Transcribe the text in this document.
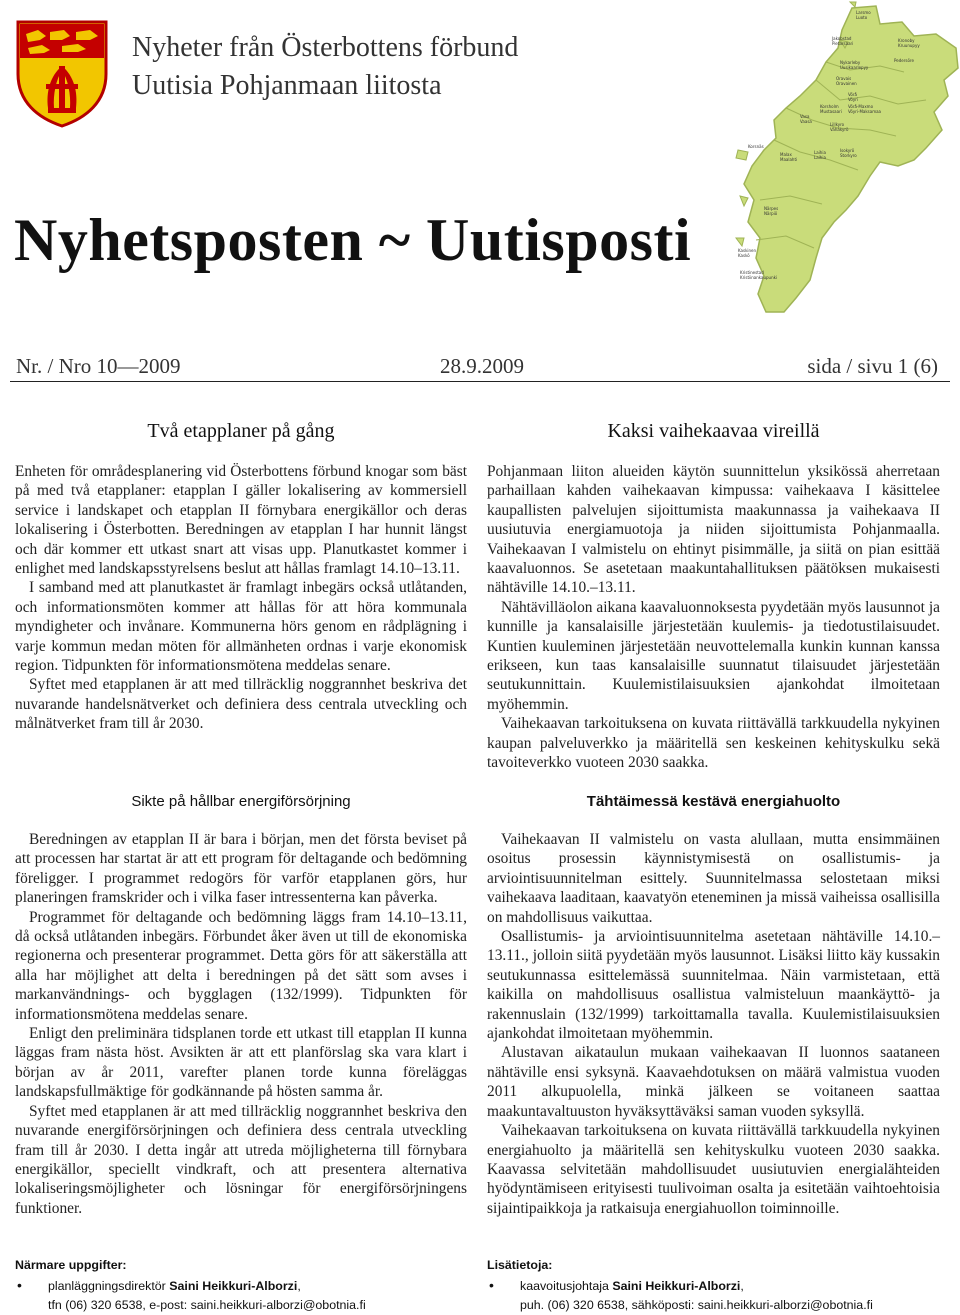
Nyheter från Österbottens förbund
Uutisia Pohjanmaan liitosta
Larsmo
Luoto
Jakobstad
Pietarsaari
Kronoby
Kruunupyy
Pedersöre
Nykarleby
Uusikaarlepyy
Oravais
Oravainen
Vörå
Vöyri
Korsholm
Mustasaari
Vörå-Maxmo
Vöyri-Maksamaa
Vasa
Vaasa
Lillkyro
Vähäkyrö
Korsnäs
Malax
Maalahti
Laihia
Laihia
Isokyrö
Storkyro
Närpes
Närpiö
Kaskinen
Kaskö
Kristinestad
Kristiinankaupunki
Nyhetsposten ~ Uutisposti
Nr. / Nro 10—2009	28.9.2009	sida / sivu 1 (6)
Två etapplaner på gång

Enheten för områdesplanering vid Österbottens förbund knogar som bäst på med två etapplaner: etapplan I gäller lokalisering av kommersiell service i landskapet och etapplan II förnybara energikällor och deras lokalisering i Österbotten. Beredningen av etapplan I har hunnit längst och där kommer ett utkast snart att visas upp. Planutkastet kommer i enlighet med landskapsstyrelsens beslut att hållas framlagt 14.10–13.11.

I samband med att planutkastet är framlagt inbegärs också utlåtanden, och informationsmöten kommer att hållas för att höra kommunala myndigheter och invånare. Kommunerna hörs genom en rådplägning i varje kommun medan möten för allmänheten ordnas i varje ekonomisk region. Tidpunkten för informationsmötena meddelas senare.

Syftet med etapplanen är att med tillräcklig noggrannhet beskriva det nuvarande handelsnätverket och definiera dess centrala utveckling och målnätverket fram till år 2030.

Sikte på hållbar energiförsörjning

Beredningen av etapplan II är bara i början, men det första beviset på att processen har startat är att ett program för deltagande och bedömning föreligger. I programmet redogörs för varför etapplanen görs, hur planeringen framskrider och i vilka faser intressenterna kan påverka.

Programmet för deltagande och bedömning läggs fram 14.10–13.11, då också utlåtanden inbegärs. Förbundet åker även ut till de ekonomiska regionerna och presenterar programmet. Detta görs för att säkerställa att alla har möjlighet att delta i beredningen på det sätt som avses i markanvändnings- och bygglagen (132/1999). Tidpunkten för informationsmötena meddelas senare.

Enligt den preliminära tidsplanen torde ett utkast till etapplan II kunna läggas fram nästa höst. Avsikten är att ett planförslag ska vara klart i början av år 2011, varefter planen torde kunna föreläggas landskapsfullmäktige för godkännande på hösten samma år.

Syftet med etapplanen är att med tillräcklig noggrannhet beskriva den nuvarande energiförsörjningen och definiera dess centrala utveckling fram till år 2030. I detta ingår att utreda möjligheterna till förnybara energikällor, speciellt vindkraft, och att presentera alternativa lokaliseringsmöjligheter och lösningar för energiförsörjningens funktioner.

Närmare uppgifter:
• planläggningsdirektör Saini Heikkuri-Alborzi,
tfn (06) 320 6538, e-post: saini.heikkuri-alborzi@obotnia.fi
Kaksi vaihekaavaa vireillä

Pohjanmaan liiton alueiden käytön suunnittelun yksikössä aherretaan parhaillaan kahden vaihekaavan kimpussa: vaihekaava I käsittelee kaupallisten palvelujen sijoittumista maakunnassa ja vaihekaava II uusiutuvia energiamuotoja ja niiden sijoittumista Pohjanmaalla. Vaihekaavan I valmistelu on ehtinyt pisimmälle, ja siitä on pian esittää kaavaluonnos. Se asetetaan maakuntahallituksen päätöksen mukaisesti nähtäville 14.10.–13.11.

Nähtävilläolon aikana kaavaluonnoksesta pyydetään myös lausunnot ja kunnille ja kansalaisille järjestetään kuulemis- ja tiedotustilaisuudet. Kuntien kuuleminen järjestetään neuvottelemalla kunkin kunnan kanssa erikseen, kun taas kansalaisille suunnatut tilaisuudet järjestetään seutukunnittain. Kuulemistilaisuuksien ajankohdat ilmoitetaan myöhemmin.

Vaihekaavan tarkoituksena on kuvata riittävällä tarkkuudella nykyinen kaupan palveluverkko ja määritellä sen keskeinen kehityskulku sekä tavoiteverkko vuoteen 2030 saakka.

Tähtäimessä kestävä energiahuolto

Vaihekaavan II valmistelu on vasta alullaan, mutta ensimmäinen osoitus prosessin käynnistymisestä on osallistumis- ja arviointisuunnitelman esittely. Suunnitelmassa selostetaan miksi vaihekaava laaditaan, kaavatyön eteneminen ja missä vaiheissa osallisilla on mahdollisuus vaikuttaa.

Osallistumis- ja arviointisuunnitelma asetetaan nähtäville 14.10.–13.11., jolloin siitä pyydetään myös lausunnot. Lisäksi liitto käy kussakin seutukunnassa esittelemässä suunnitelmaa. Näin varmistetaan, että kaikilla on mahdollisuus osallistua valmisteluun maankäyttö- ja rakennuslain (132/1999) tarkoittamalla tavalla. Kuulemistilaisuuksien ajankohdat ilmoitetaan myöhemmin.

Alustavan aikataulun mukaan vaihekaavan II luonnos saataneen nähtäville ensi syksynä. Kaavaehdotuksen on määrä valmistua vuoden 2011 alkupuolella, minkä jälkeen se voitaneen saattaa maakuntavaltuuston hyväksyttäväksi saman vuoden syksyllä.

Vaihekaavan tarkoituksena on kuvata riittävällä tarkkuudella nykyinen energiahuolto ja määritellä sen kehityskulku vuoteen 2030 saakka. Kaavassa selvitetään mahdollisuudet uusiutuvien energialähteiden hyödyntämiseen erityisesti tuulivoiman osalta ja esitetään vaihtoehtoisia sijaintipaikkoja ja ratkaisuja energiahuollon toiminnoille.

Lisätietoja:
• kaavoitusjohtaja Saini Heikkuri-Alborzi,
puh. (06) 320 6538, sähköposti: saini.heikkuri-alborzi@obotnia.fi
